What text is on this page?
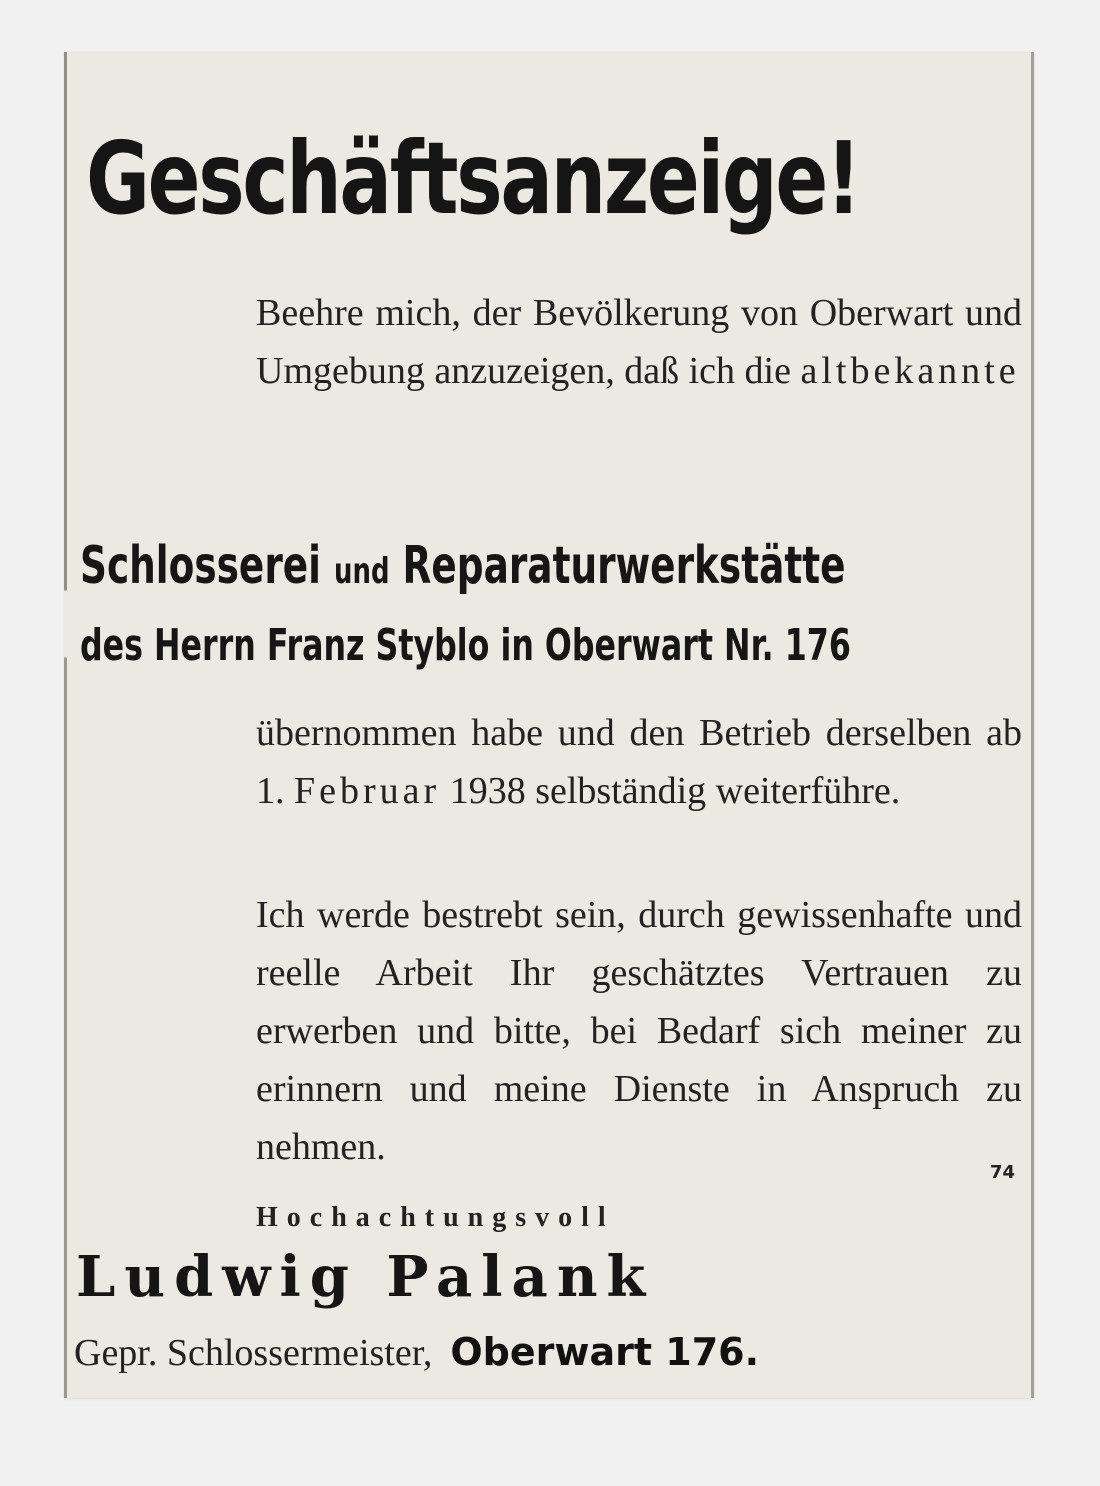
Geschäftsanzeige!

Beehre mich, der Bevölkerung von Oberwart und Umgebung anzuzeigen, daß ich die altbekannte

Schlosserei und Reparaturwerkstätte

des Herrn Franz Styblo in Oberwart Nr. 176

übernommen habe und den Betrieb derselben ab 1. Februar 1938 selbständig weiterführe.

Ich werde bestrebt sein, durch gewissenhafte und reelle Arbeit Ihr geschätztes Vertrauen zu erwerben und bitte, bei Bedarf sich meiner zu erinnern und meine Dienste in Anspruch zu nehmen.

74

Hochachtungsvoll

Ludwig Palank

Gepr. Schlossermeister, Oberwart 176.
